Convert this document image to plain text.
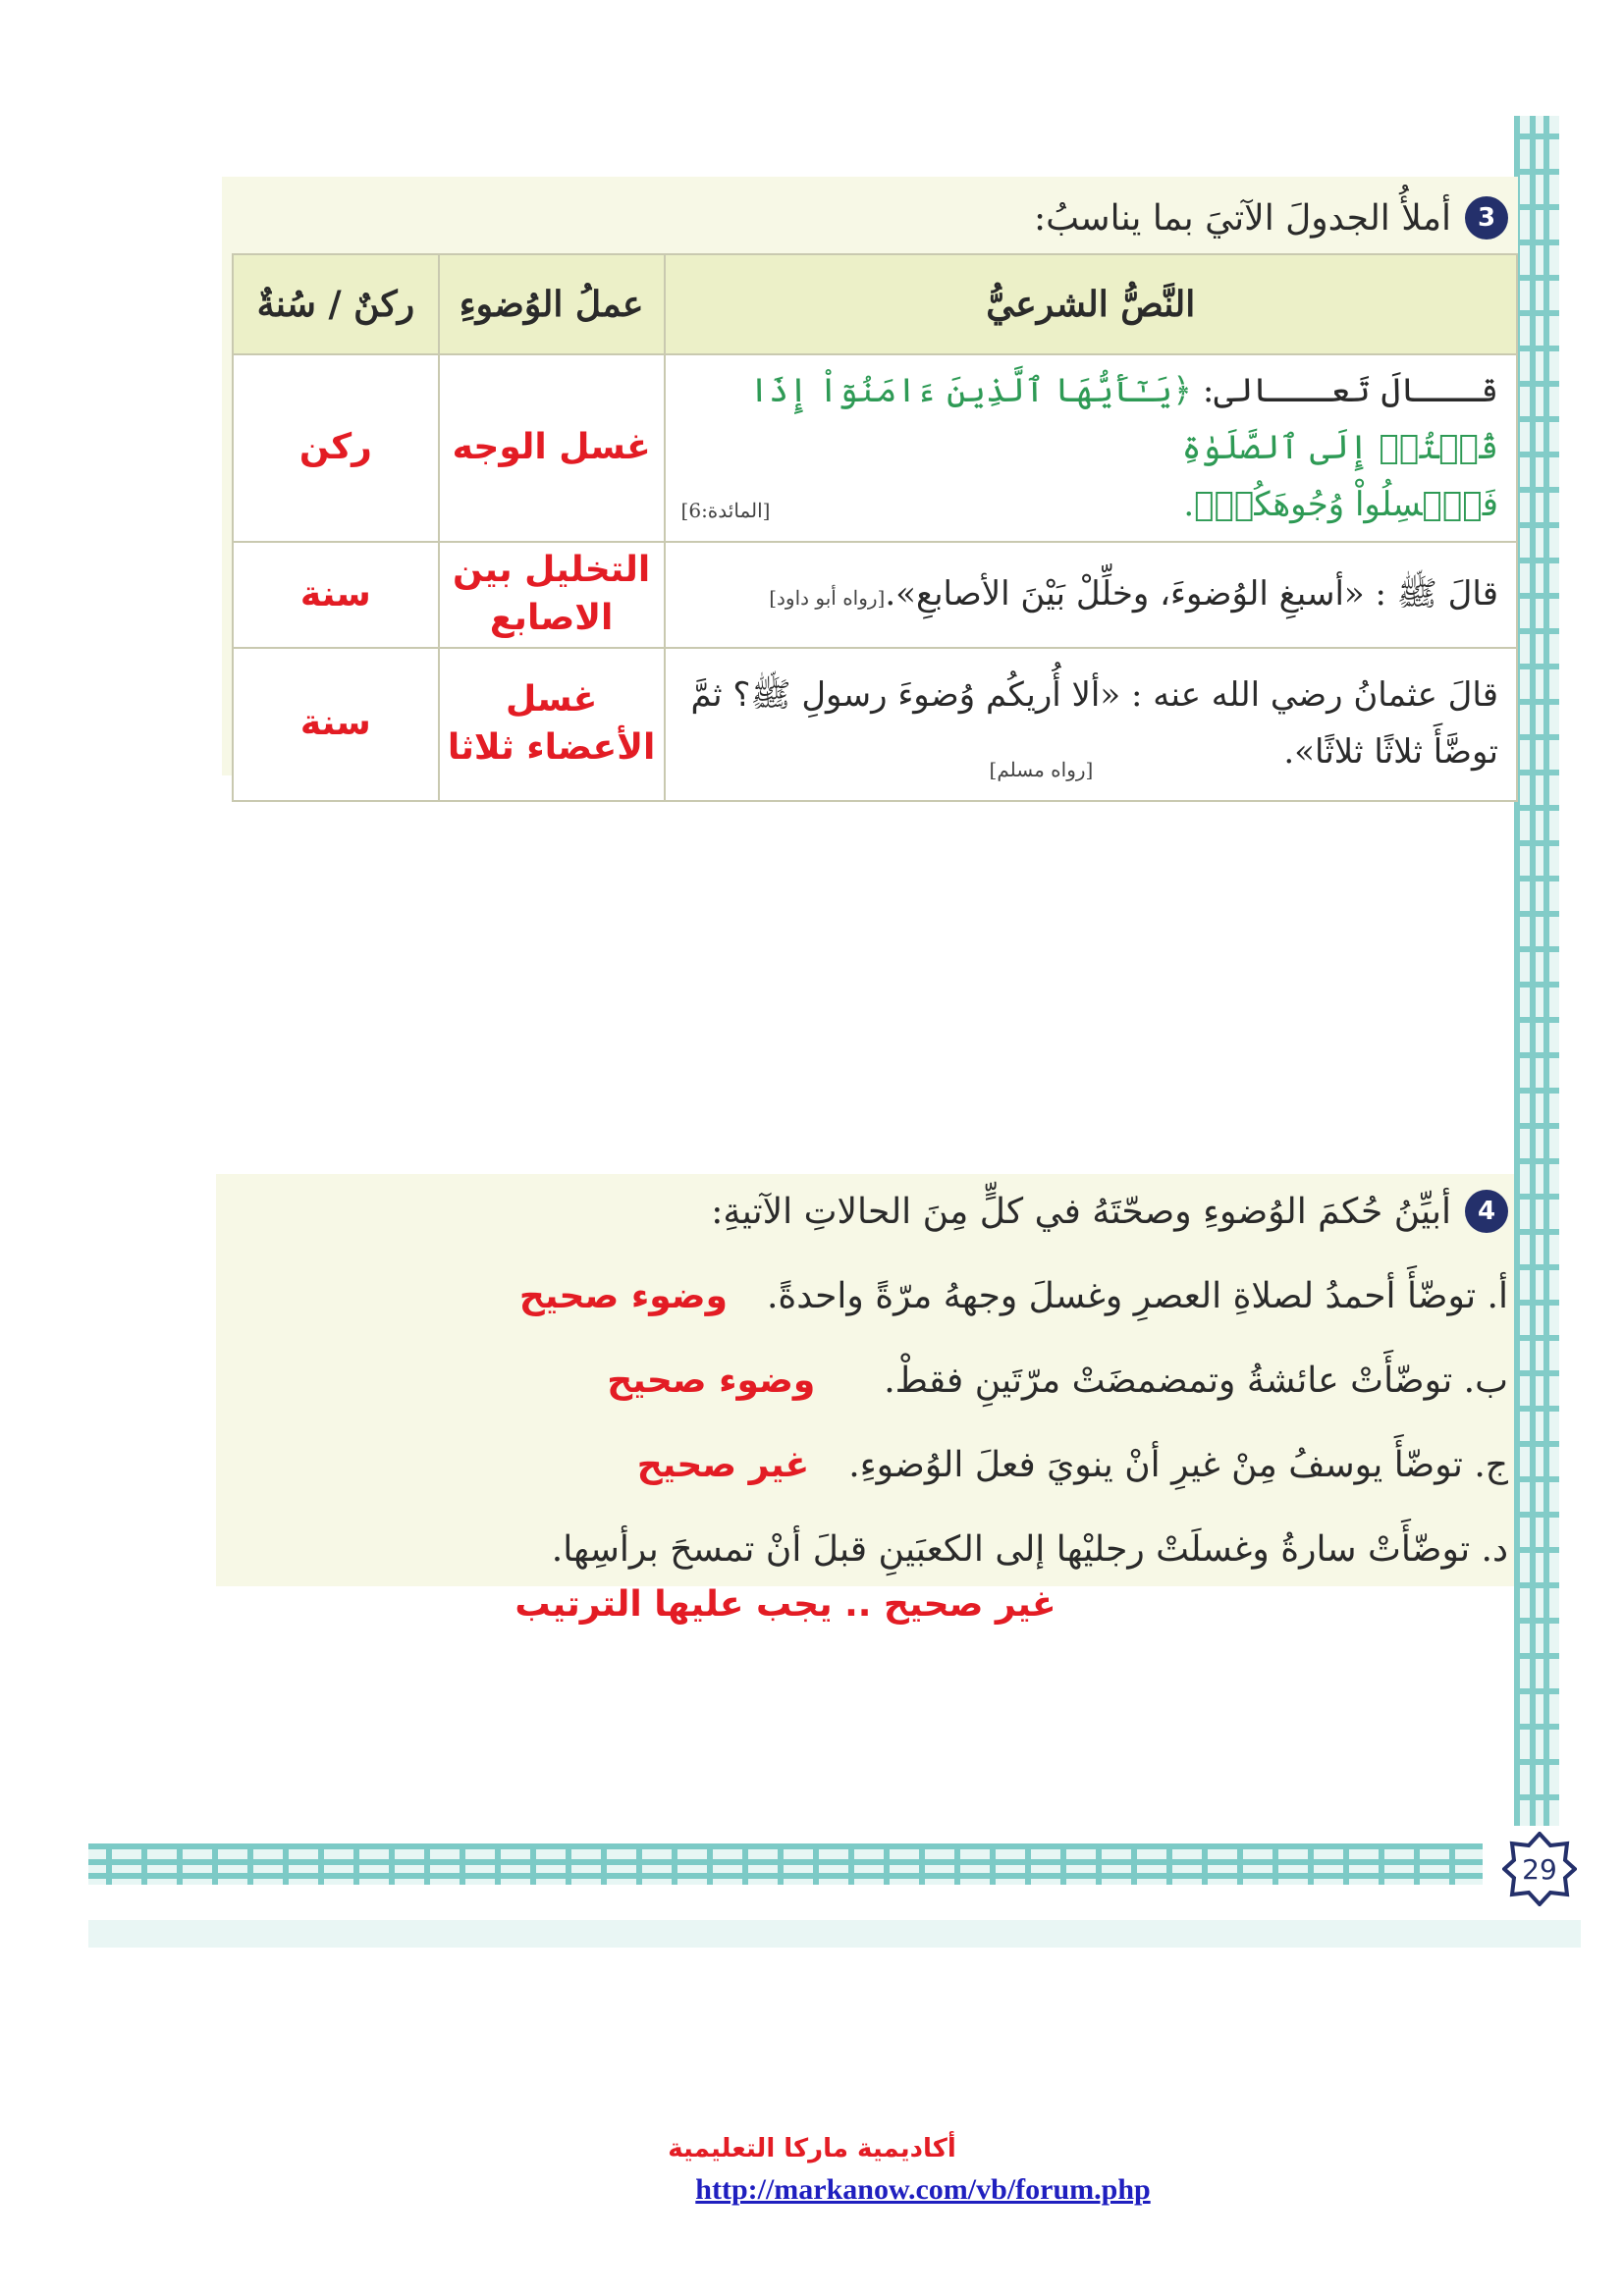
29
3
أملأُ الجدولَ الآتيَ بما يناسبُ:
النَّصُّ الشرعيُّ	عملُ الوُضوءِ	ركنٌ / سُنةٌ

قـــالَ تَعـــالى: ﴿يَـٰٓأَيُّهَا ٱلَّذِينَ ءَامَنُوٓاْ إِذَا قُمۡتُمۡ إِلَى ٱلصَّلَوٰةِ
فَٱغۡسِلُواْ وُجُوهَكُمۡ﴾.
[المائدة:6]	غسل الوجه	ركن
قالَ ﷺ : «أسبغِ الوُضوءَ، وخلِّلْ بَيْنَ الأصابعِ».[رواه أبو داود]	التخليل بين الاصابع	سنة
قالَ عثمانُ رضي الله عنه : «ألا أُريكُم وُضوءَ رسولِ ﷺ؟ ثمَّ توضَّأَ ثلاثًا ثلاثًا».
[رواه مسلم]	غسل الأعضاء ثلاثا	سنة
4
أبيِّنُ حُكمَ الوُضوءِ وصحّتَهُ في كلٍّ مِنَ الحالاتِ الآتيةِ:
أ. توضّأَ أحمدُ لصلاةِ العصرِ وغسلَ وجههُ مرّةً واحدةً.
وضوء صحيح
ب. توضّأَتْ عائشةُ وتمضمضَتْ مرّتَينِ فقطْ.
وضوء صحيح
ج. توضّأَ يوسفُ مِنْ غيرِ أنْ ينويَ فعلَ الوُضوءِ.
غير صحيح
د. توضّأَتْ سارةُ وغسلَتْ رجليْها إلى الكعبَينِ قبلَ أنْ تمسحَ برأسِها.
غير صحيح .. يجب عليها الترتيب
أكاديمية ماركا التعليمية
http://markanow.com/vb/forum.php
